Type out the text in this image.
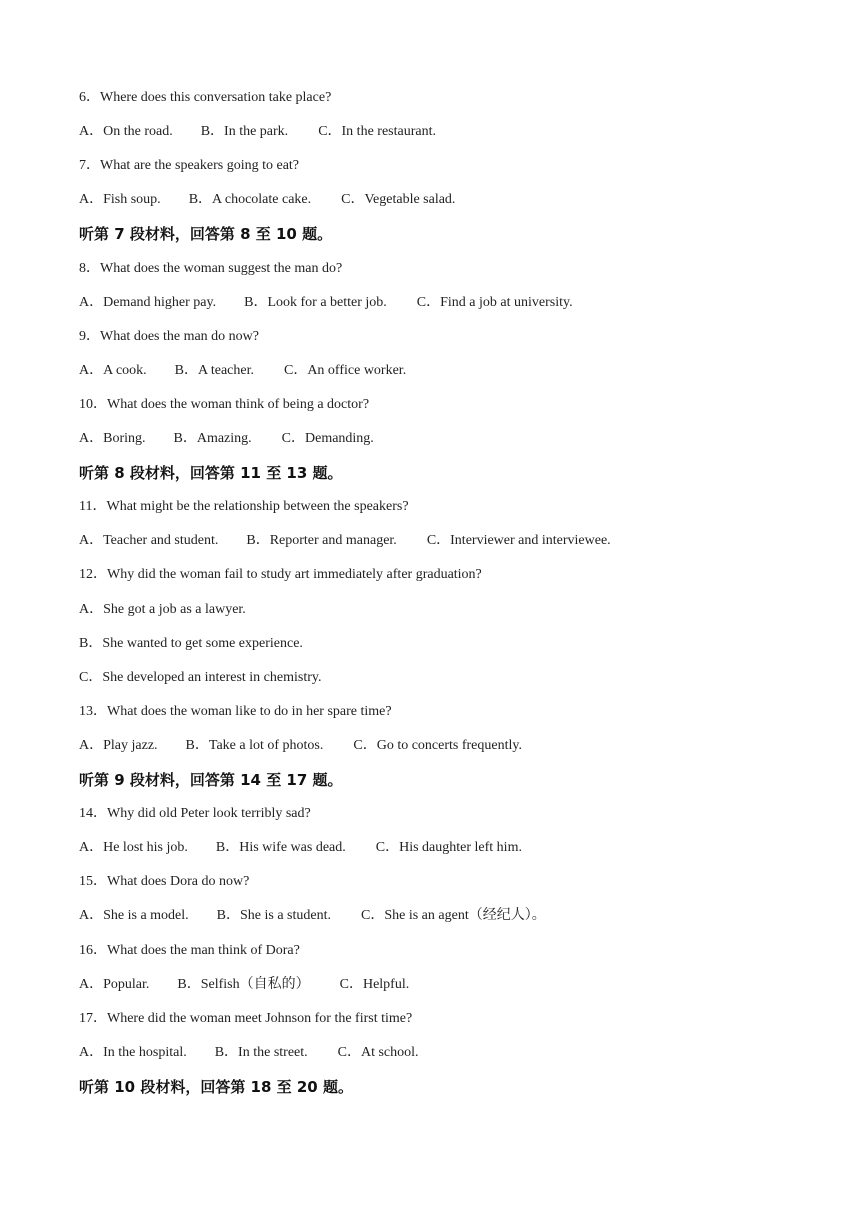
6．Where does this conversation take place?
A．On the road. B．In the park. C．In the restaurant.
7．What are the speakers going to eat?
A．Fish soup. B．A chocolate cake. C．Vegetable salad.
听第 7 段材料，回答第 8 至 10 题。
8．What does the woman suggest the man do?
A．Demand higher pay. B．Look for a better job. C．Find a job at university.
9．What does the man do now?
A．A cook. B．A teacher. C．An office worker.
10．What does the woman think of being a doctor?
A．Boring. B．Amazing. C．Demanding.
听第 8 段材料，回答第 11 至 13 题。
11．What might be the relationship between the speakers?
A．Teacher and student. B．Reporter and manager. C．Interviewer and interviewee.
12．Why did the woman fail to study art immediately after graduation?
A．She got a job as a lawyer.
B．She wanted to get some experience.
C．She developed an interest in chemistry.
13．What does the woman like to do in her spare time?
A．Play jazz. B．Take a lot of photos. C．Go to concerts frequently.
听第 9 段材料，回答第 14 至 17 题。
14．Why did old Peter look terribly sad?
A．He lost his job. B．His wife was dead. C．His daughter left him.
15．What does Dora do now?
A．She is a model. B．She is a student. C．She is an agent（经纪人）。
16．What does the man think of Dora?
A．Popular. B．Selfish（自私的） C．Helpful.
17．Where did the woman meet Johnson for the first time?
A．In the hospital. B．In the street. C．At school.
听第 10 段材料，回答第 18 至 20 题。
